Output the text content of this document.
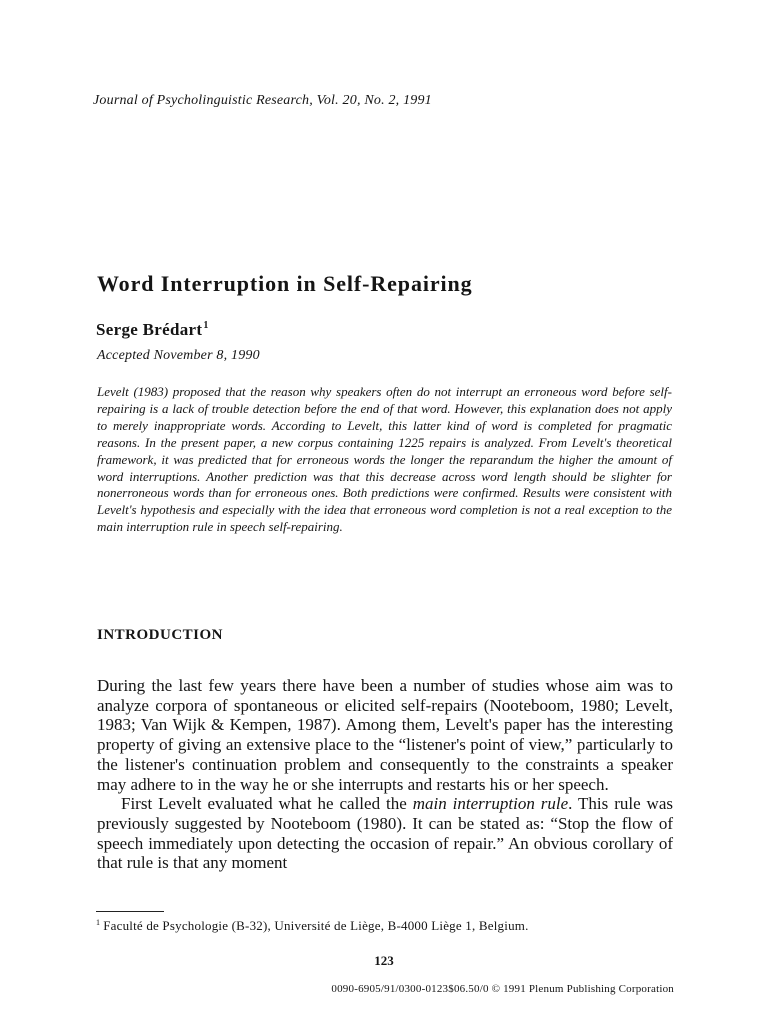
Journal of Psycholinguistic Research, Vol. 20, No. 2, 1991

Word Interruption in Self-Repairing
Serge Brédart$^1$

Accepted November 8, 1990

Levelt (1983) proposed that the reason why speakers often do not interrupt an erroneous word before self-repairing is a lack of trouble detection before the end of that word. However, this explanation does not apply to merely inappropriate words. According to Levelt, this latter kind of word is completed for pragmatic reasons. In the present paper, a new corpus containing 1225 repairs is analyzed. From Levelt's theoretical framework, it was predicted that for erroneous words the longer the reparandum the higher the amount of word interruptions. Another prediction was that this decrease across word length should be slighter for nonerroneous words than for erroneous ones. Both predictions were confirmed. Results were consistent with Levelt's hypothesis and especially with the idea that erroneous word completion is not a real exception to the main interruption rule in speech self-repairing.

INTRODUCTION

During the last few years there have been a number of studies whose aim was to analyze corpora of spontaneous or elicited self-repairs (Nooteboom, 1980; Levelt, 1983; Van Wijk & Kempen, 1987). Among them, Levelt's paper has the interesting property of giving an extensive place to the “listener's point of view,” particularly to the listener's continuation problem and consequently to the constraints a speaker may adhere to in the way he or she interrupts and restarts his or her speech.

First Levelt evaluated what he called the main interruption rule. This rule was previously suggested by Nooteboom (1980). It can be stated as: “Stop the flow of speech immediately upon detecting the occasion of repair.” An obvious corollary of that rule is that any moment

$^1$ Faculté de Psychologie (B-32), Université de Liège, B-4000 Liège 1, Belgium.

123

0090-6905/91/0300-0123$06.50/0 © 1991 Plenum Publishing Corporation
